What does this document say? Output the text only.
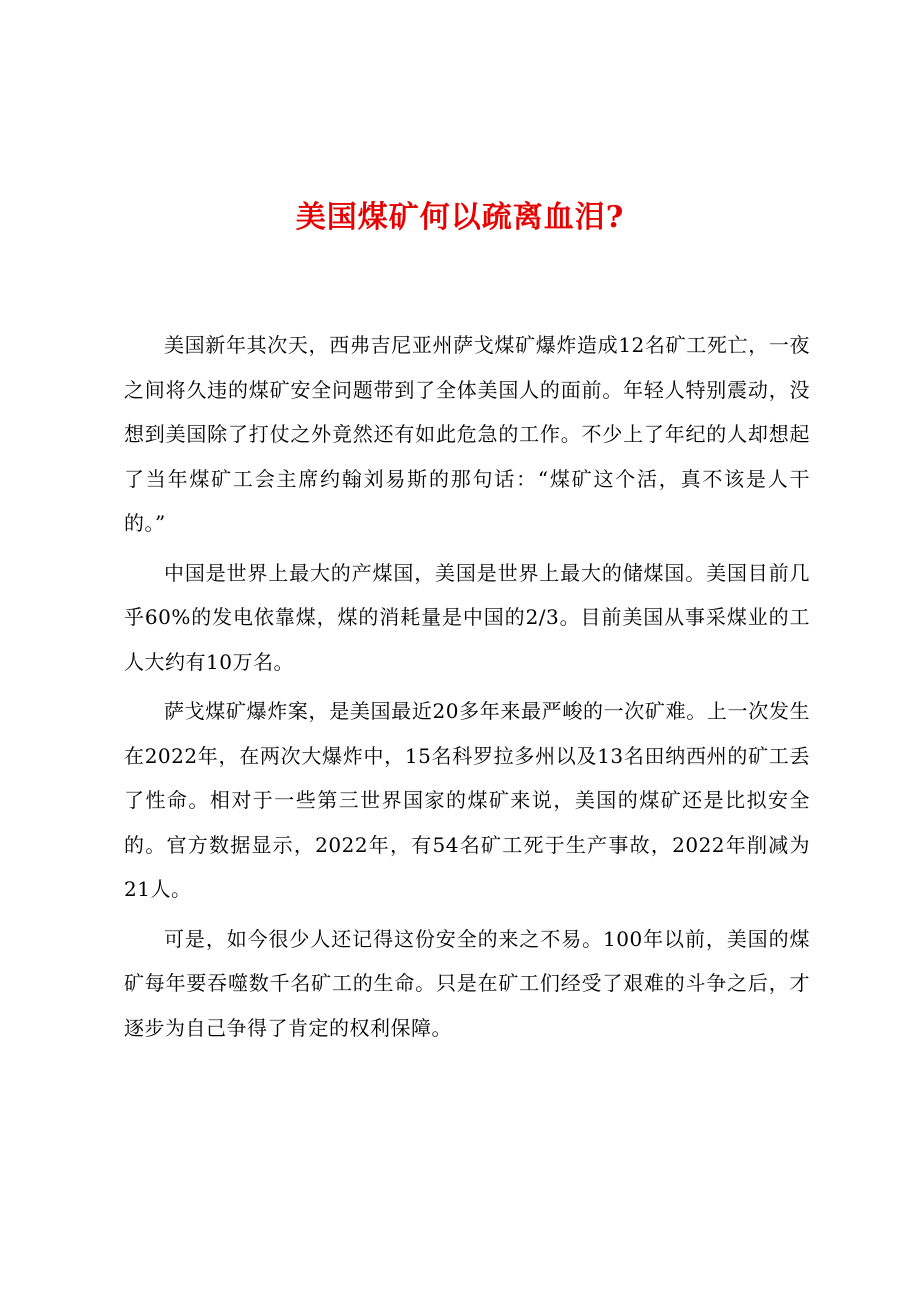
美国煤矿何以疏离血泪?

美国新年其次天，西弗吉尼亚州萨戈煤矿爆炸造成12名矿工死亡，一夜之间将久违的煤矿安全问题带到了全体美国人的面前。年轻人特别震动，没想到美国除了打仗之外竟然还有如此危急的工作。不少上了年纪的人却想起了当年煤矿工会主席约翰刘易斯的那句话：“煤矿这个活，真不该是人干的。”

中国是世界上最大的产煤国，美国是世界上最大的储煤国。美国目前几乎60%的发电依靠煤，煤的消耗量是中国的2/3。目前美国从事采煤业的工人大约有10万名。

萨戈煤矿爆炸案，是美国最近20多年来最严峻的一次矿难。上一次发生在2022年，在两次大爆炸中，15名科罗拉多州以及13名田纳西州的矿工丢了性命。相对于一些第三世界国家的煤矿来说，美国的煤矿还是比拟安全的。官方数据显示，2022年，有54名矿工死于生产事故，2022年削减为21人。

可是，如今很少人还记得这份安全的来之不易。100年以前，美国的煤矿每年要吞噬数千名矿工的生命。只是在矿工们经受了艰难的斗争之后，才逐步为自己争得了肯定的权利保障。
